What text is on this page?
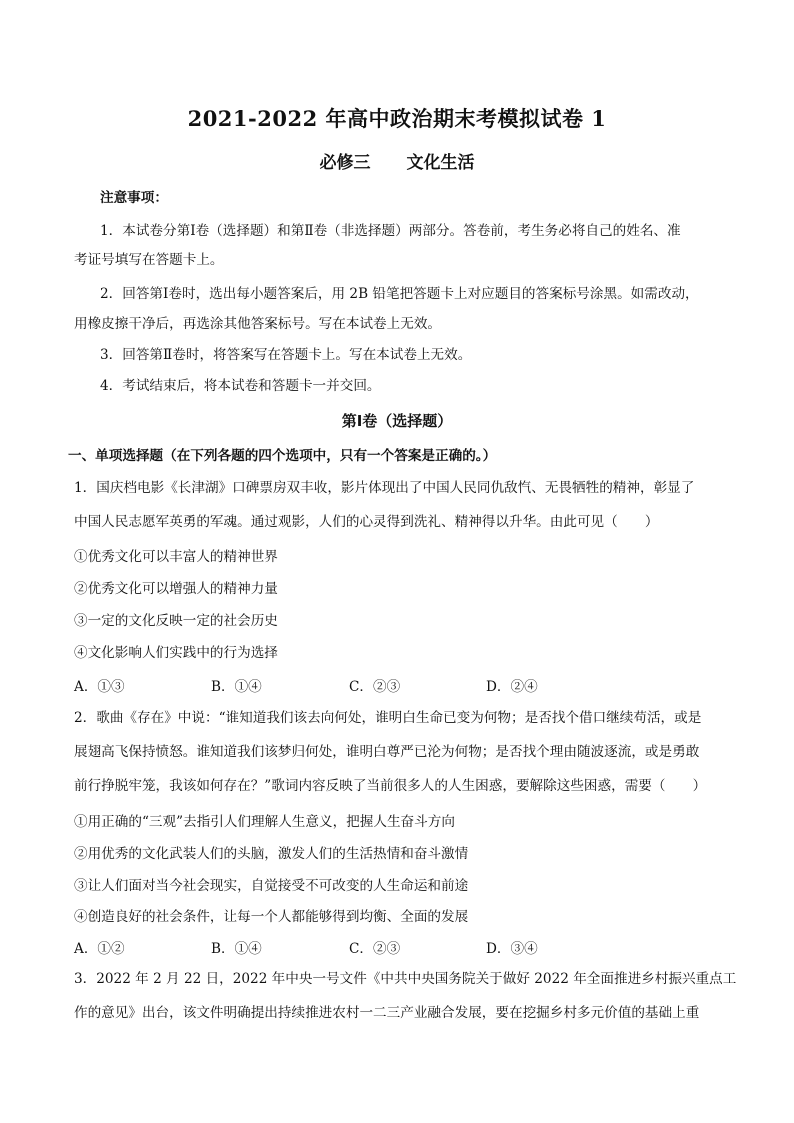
2021-2022 年高中政治期末考模拟试卷 1
必修三 文化生活
注意事项：
1．本试卷分第Ⅰ卷（选择题）和第Ⅱ卷（非选择题）两部分。答卷前，考生务必将自己的姓名、准
考证号填写在答题卡上。
2．回答第Ⅰ卷时，选出每小题答案后，用 2B 铅笔把答题卡上对应题目的答案标号涂黑。如需改动，
用橡皮擦干净后，再选涂其他答案标号。写在本试卷上无效。
3．回答第Ⅱ卷时，将答案写在答题卡上。写在本试卷上无效。
4．考试结束后，将本试卷和答题卡一并交回。
第Ⅰ卷（选择题）
一、单项选择题（在下列各题的四个选项中，只有一个答案是正确的。）
1．国庆档电影《长津湖》口碑票房双丰收，影片体现出了中国人民同仇敌忾、无畏牺牲的精神，彰显了
中国人民志愿军英勇的军魂。通过观影，人们的心灵得到洗礼、精神得以升华。由此可见（　　）
①优秀文化可以丰富人的精神世界
②优秀文化可以增强人的精神力量
③一定的文化反映一定的社会历史
④文化影响人们实践中的行为选择
A．①③	B．①④	C．②③	D．②④
2．歌曲《存在》中说：“谁知道我们该去向何处，谁明白生命已变为何物；是否找个借口继续苟活，或是
展翅高飞保持愤怒。谁知道我们该梦归何处，谁明白尊严已沦为何物；是否找个理由随波逐流，或是勇敢
前行挣脱牢笼，我该如何存在？”歌词内容反映了当前很多人的人生困惑，要解除这些困惑，需要（　　）
①用正确的“三观”去指引人们理解人生意义，把握人生奋斗方向
②用优秀的文化武装人们的头脑，激发人们的生活热情和奋斗激情
③让人们面对当今社会现实，自觉接受不可改变的人生命运和前途
④创造良好的社会条件，让每一个人都能够得到均衡、全面的发展
A．①②	B．①④	C．②③	D．③④
3．2022 年 2 月 22 日，2022 年中央一号文件《中共中央国务院关于做好 2022 年全面推进乡村振兴重点工
作的意见》出台，该文件明确提出持续推进农村一二三产业融合发展，要在挖掘乡村多元价值的基础上重
